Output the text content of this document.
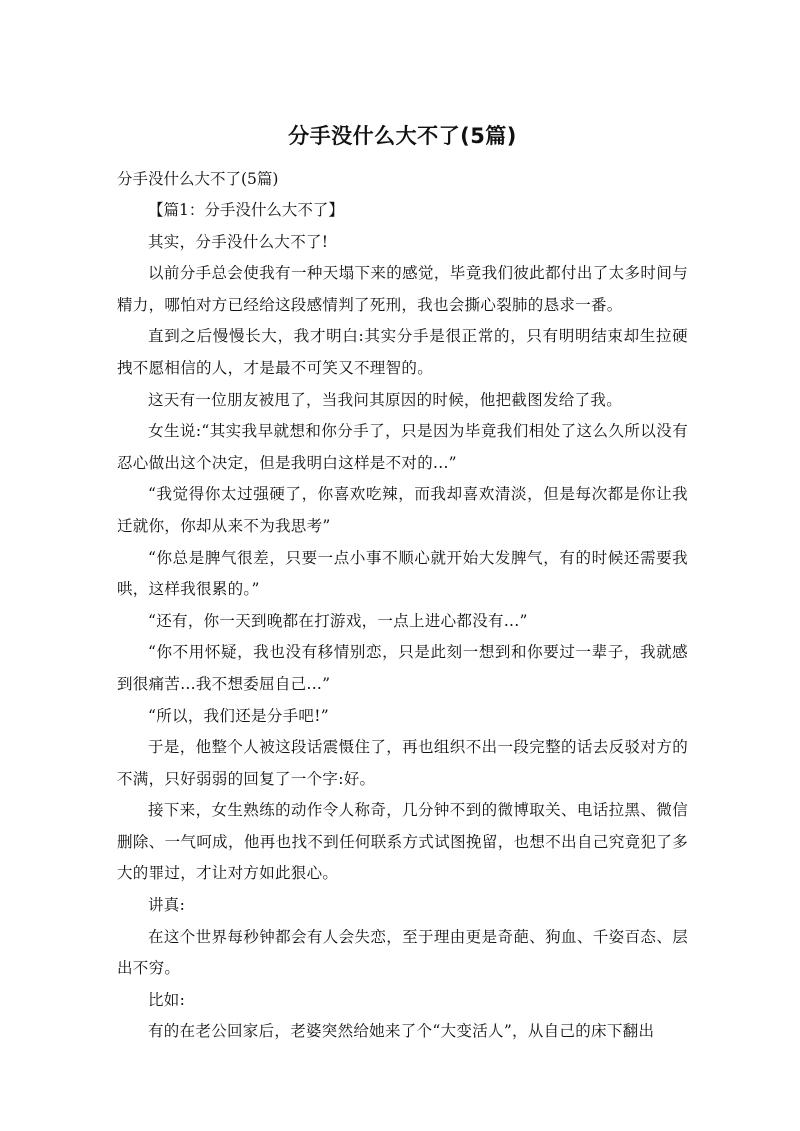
分手没什么大不了(5篇)

分手没什么大不了(5篇)

【篇1：分手没什么大不了】

其实，分手没什么大不了!

以前分手总会使我有一种天塌下来的感觉，毕竟我们彼此都付出了太多时间与精力，哪怕对方已经给这段感情判了死刑，我也会撕心裂肺的恳求一番。

直到之后慢慢长大，我才明白:其实分手是很正常的，只有明明结束却生拉硬拽不愿相信的人，才是最不可笑又不理智的。

这天有一位朋友被甩了，当我问其原因的时候，他把截图发给了我。

女生说:“其实我早就想和你分手了，只是因为毕竟我们相处了这么久所以没有忍心做出这个决定，但是我明白这样是不对的...”

“我觉得你太过强硬了，你喜欢吃辣，而我却喜欢清淡，但是每次都是你让我迁就你，你却从来不为我思考”

“你总是脾气很差，只要一点小事不顺心就开始大发脾气，有的时候还需要我哄，这样我很累的。”

“还有，你一天到晚都在打游戏，一点上进心都没有...”

“你不用怀疑，我也没有移情别恋，只是此刻一想到和你要过一辈子，我就感到很痛苦...我不想委屈自己...”

“所以，我们还是分手吧!”

于是，他整个人被这段话震慑住了，再也组织不出一段完整的话去反驳对方的不满，只好弱弱的回复了一个字:好。

接下来，女生熟练的动作令人称奇，几分钟不到的微博取关、电话拉黑、微信删除、一气呵成，他再也找不到任何联系方式试图挽留，也想不出自己究竟犯了多大的罪过，才让对方如此狠心。

讲真:

在这个世界每秒钟都会有人会失恋，至于理由更是奇葩、狗血、千姿百态、层出不穷。

比如:

有的在老公回家后，老婆突然给她来了个“大变活人”，从自己的床下翻出
